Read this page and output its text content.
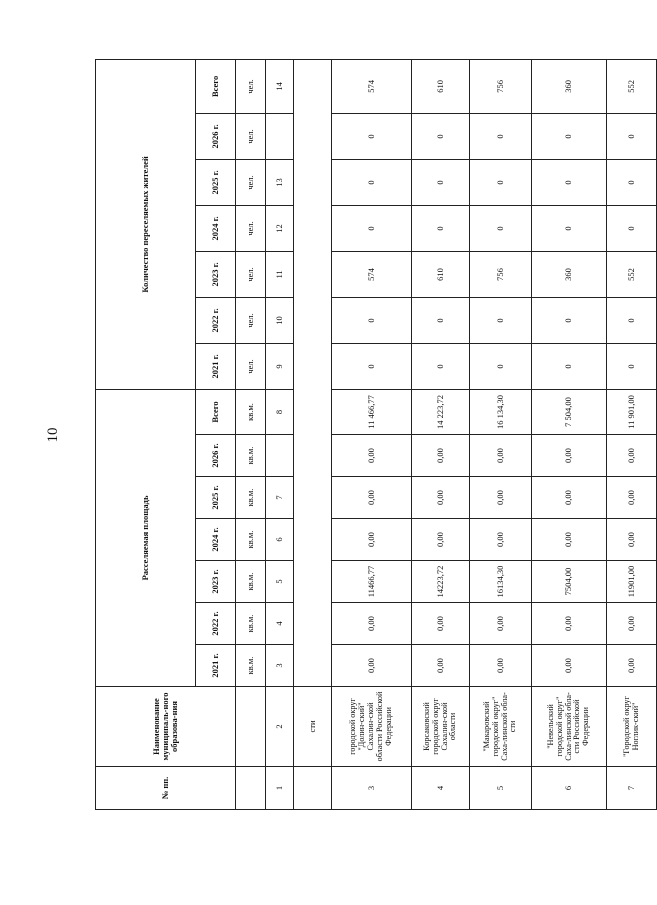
10
№ пп.	Наименование муниципаль-ного образова-ния	Расселяемая площадь							Количество переселяемых жителей						
		2021 г.	2022 г.	2023 г.	2024 г.	2025 г.	2026 г.	Всего	2021 г.	2022 г.	2023 г.	2024 г.	2025 г.	2026 г.	Всего
		кв.м.	кв.м.	кв.м.	кв.м.	кв.м.	кв.м.	кв.м.	чел.	чел.	чел.	чел.	чел.	чел.	чел.
1	2	3	4	5	6	7		8	9	10	11	12	13		14
	сти														
3	городской округ "Долин-ский" Сахалин-ской области Российской Федерации	0,00	0,00	11466,77	0,00	0,00	0,00	11 466,77	0	0	574	0	0	0	574
4	Корсаковский городской округ Сахалин-ской области	0,00	0,00	14223,72	0,00	0,00	0,00	14 223,72	0	0	610	0	0	0	610
5	"Макаровский городской округ" Саха-линской обла-сти	0,00	0,00	16134,30	0,00	0,00	0,00	16 134,30	0	0	756	0	0	0	756
6	"Невельский городской округ" Саха-линской обла-сти Российской Федерации	0,00	0,00	7504,00	0,00	0,00	0,00	7 504,00	0	0	360	0	0	0	360
7	"Городской округ Ноглик-ский"	0,00	0,00	11901,00	0,00	0,00	0,00	11 901,00	0	0	552	0	0	0	552
